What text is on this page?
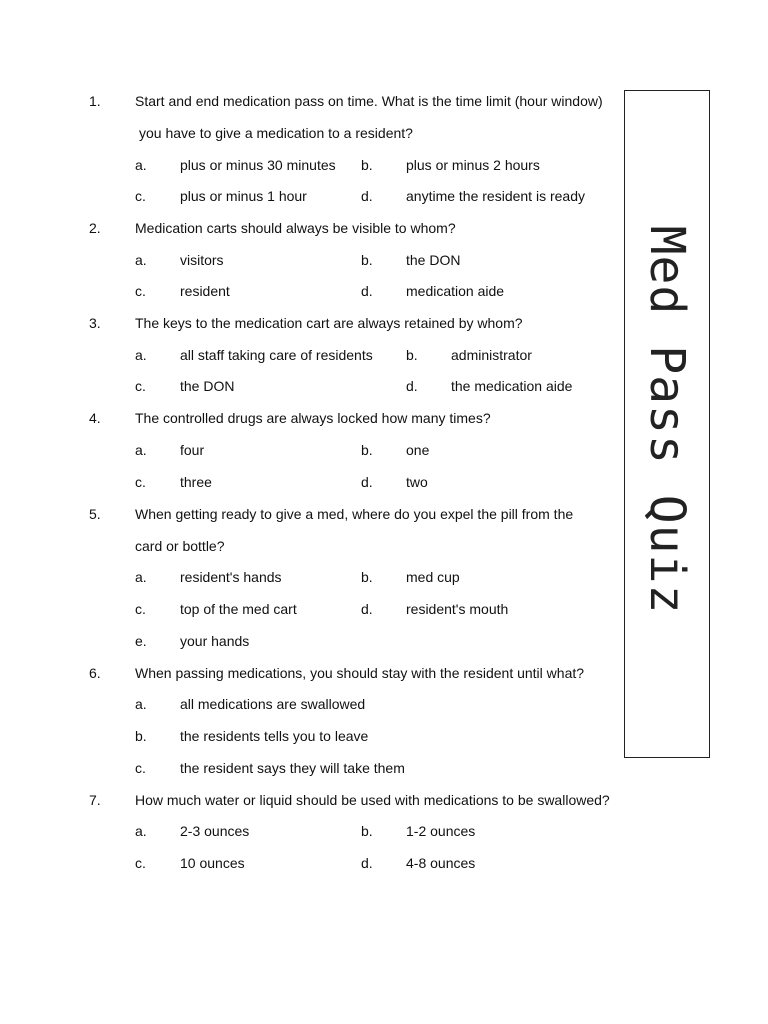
Med Pass Quiz
1. Start and end medication pass on time. What is the time limit (hour window)
you have to give a medication to a resident?
a. plus or minus 30 minutes b. plus or minus 2 hours
c. plus or minus 1 hour	d. anytime the resident is ready
2. Medication carts should always be visible to whom?
a. visitors	b. the DON
c. resident	d. medication aide
3. The keys to the medication cart are always retained by whom?
a. all staff taking care of residents b. administrator
c. the DON	d. the medication aide
4. The controlled drugs are always locked how many times?
a. four	b. one
c. three	d. two
5. When getting ready to give a med, where do you expel the pill from the
card or bottle?
a. resident's hands	b. med cup
c. top of the med cart	d. resident's mouth
e. your hands
6. When passing medications, you should stay with the resident until what?
a. all medications are swallowed
b. the residents tells you to leave
c. the resident says they will take them
7. How much water or liquid should be used with medications to be swallowed?
a. 2-3 ounces	b. 1-2 ounces
c. 10 ounces	d. 4-8 ounces
